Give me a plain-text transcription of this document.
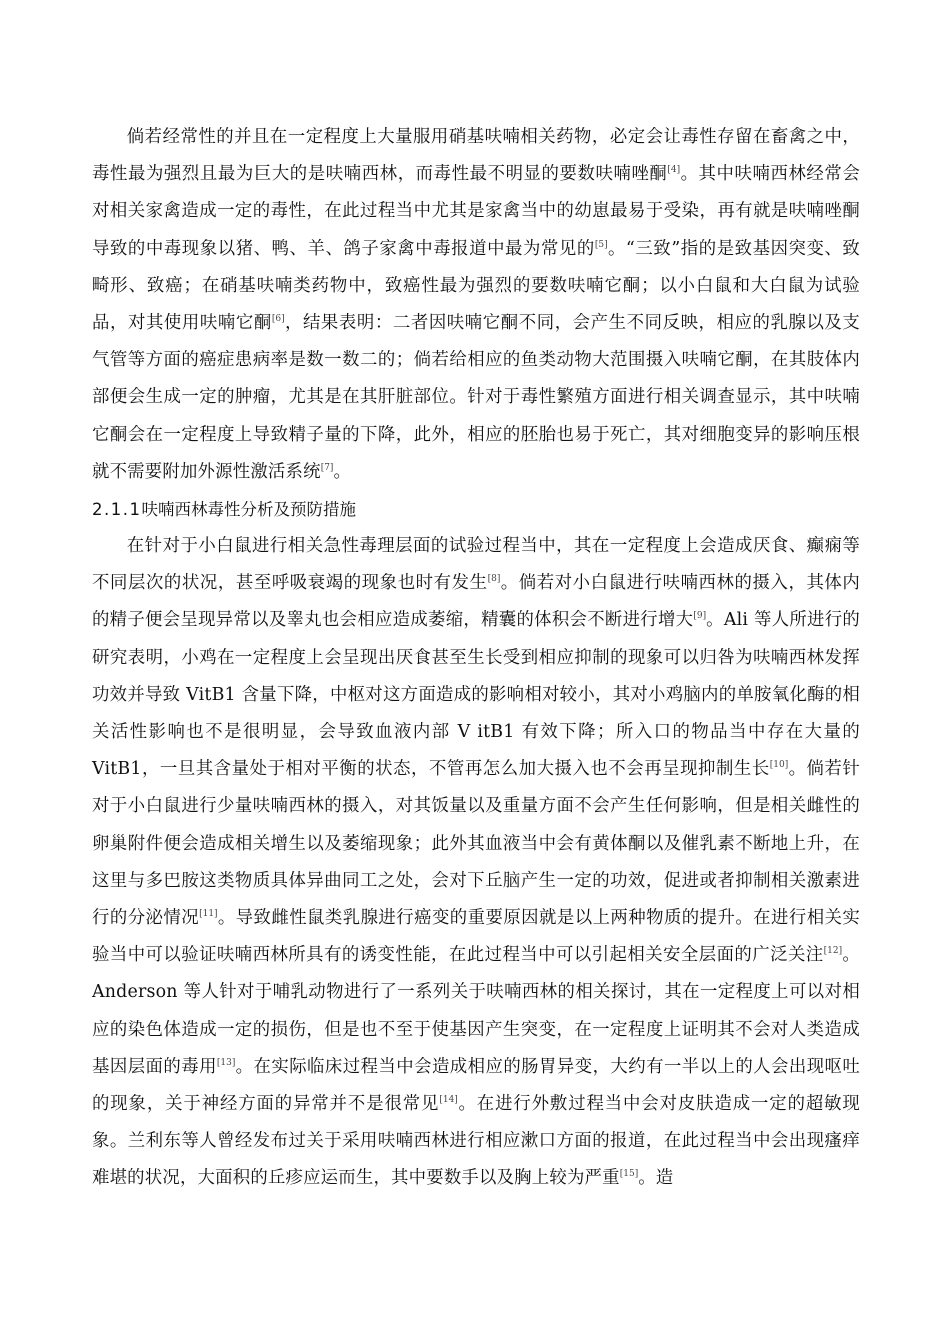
倘若经常性的并且在一定程度上大量服用硝基呋喃相关药物，必定会让毒性存留在畜禽之中，毒性最为强烈且最为巨大的是呋喃西林，而毒性最不明显的要数呋喃唑酮[4]。其中呋喃西林经常会对相关家禽造成一定的毒性，在此过程当中尤其是家禽当中的幼崽最易于受染，再有就是呋喃唑酮导致的中毒现象以猪、鸭、羊、鸽子家禽中毒报道中最为常见的[5]。“三致”指的是致基因突变、致畸形、致癌；在硝基呋喃类药物中，致癌性最为强烈的要数呋喃它酮；以小白鼠和大白鼠为试验品，对其使用呋喃它酮[6]，结果表明：二者因呋喃它酮不同，会产生不同反映，相应的乳腺以及支气管等方面的癌症患病率是数一数二的；倘若给相应的鱼类动物大范围摄入呋喃它酮，在其肢体内部便会生成一定的肿瘤，尤其是在其肝脏部位。针对于毒性繁殖方面进行相关调查显示，其中呋喃它酮会在一定程度上导致精子量的下降，此外，相应的胚胎也易于死亡，其对细胞变异的影响压根就不需要附加外源性激活系统[7]。

2.1.1呋喃西林毒性分析及预防措施

在针对于小白鼠进行相关急性毒理层面的试验过程当中，其在一定程度上会造成厌食、癫痫等不同层次的状况，甚至呼吸衰竭的现象也时有发生[8]。倘若对小白鼠进行呋喃西林的摄入，其体内的精子便会呈现异常以及睾丸也会相应造成萎缩，精囊的体积会不断进行增大[9]。Ali 等人所进行的研究表明，小鸡在一定程度上会呈现出厌食甚至生长受到相应抑制的现象可以归咎为呋喃西林发挥功效并导致 VitB1 含量下降，中枢对这方面造成的影响相对较小，其对小鸡脑内的单胺氧化酶的相关活性影响也不是很明显，会导致血液内部 V itB1 有效下降；所入口的物品当中存在大量的 VitB1，一旦其含量处于相对平衡的状态，不管再怎么加大摄入也不会再呈现抑制生长[10]。倘若针对于小白鼠进行少量呋喃西林的摄入，对其饭量以及重量方面不会产生任何影响，但是相关雌性的卵巢附件便会造成相关增生以及萎缩现象；此外其血液当中会有黄体酮以及催乳素不断地上升，在这里与多巴胺这类物质具体异曲同工之处，会对下丘脑产生一定的功效，促进或者抑制相关激素进行的分泌情况[11]。导致雌性鼠类乳腺进行癌变的重要原因就是以上两种物质的提升。在进行相关实验当中可以验证呋喃西林所具有的诱变性能，在此过程当中可以引起相关安全层面的广泛关注[12]。Anderson 等人针对于哺乳动物进行了一系列关于呋喃西林的相关探讨，其在一定程度上可以对相应的染色体造成一定的损伤，但是也不至于使基因产生突变，在一定程度上证明其不会对人类造成基因层面的毒用[13]。在实际临床过程当中会造成相应的肠胃异变，大约有一半以上的人会出现呕吐的现象，关于神经方面的异常并不是很常见[14]。在进行外敷过程当中会对皮肤造成一定的超敏现象。兰利东等人曾经发布过关于采用呋喃西林进行相应漱口方面的报道，在此过程当中会出现瘙痒难堪的状况，大面积的丘疹应运而生，其中要数手以及胸上较为严重[15]。造
